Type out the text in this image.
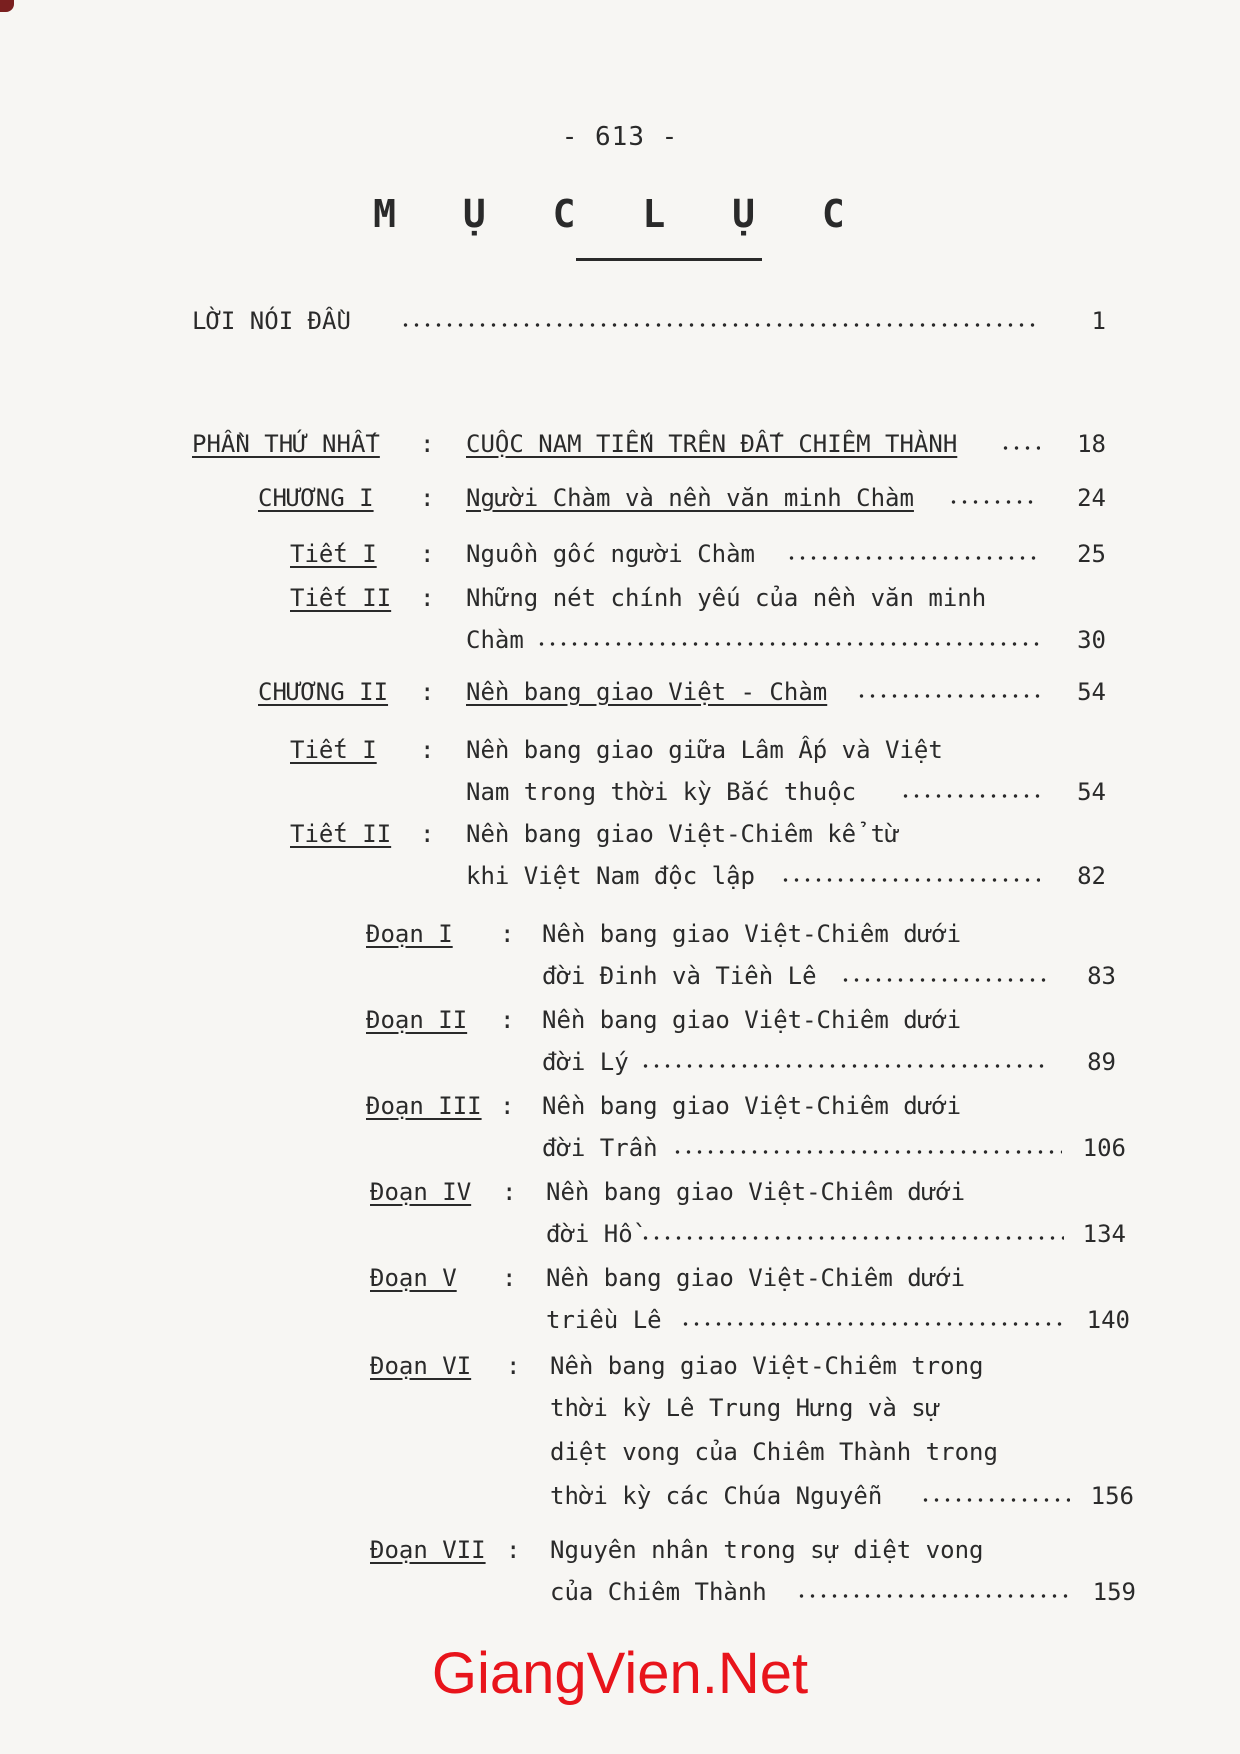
- 613 -
M Ụ C L Ụ C
LỜI NÓI ĐẦU	1
PHẦN THỨ NHẤT : CUỘC NAM TIẾN TRÊN ĐẤT CHIÊM THÀNH	18
CHƯƠNG I : Người Chàm và nền văn minh Chàm	24
Tiết I : Nguồn gốc người Chàm	25
Tiết II : Những nét chính yếu của nền văn minh
Chàm	30
CHƯƠNG II : Nền bang giao Việt - Chàm	54
Tiết I : Nền bang giao giữa Lâm Ấp và Việt
Nam trong thời kỳ Bắc thuộc	54
Tiết II : Nền bang giao Việt-Chiêm kể từ
khi Việt Nam độc lập	82
Đoạn I : Nền bang giao Việt-Chiêm dưới
đời Đinh và Tiền Lê	83
Đoạn II : Nền bang giao Việt-Chiêm dưới
đời Lý	89
Đoạn III : Nền bang giao Việt-Chiêm dưới
đời Trần	106
Đoạn IV : Nền bang giao Việt-Chiêm dưới
đời Hồ	134
Đoạn V : Nền bang giao Việt-Chiêm dưới
triều Lê	140
Đoạn VI : Nền bang giao Việt-Chiêm trong
thời kỳ Lê Trung Hưng và sự
diệt vong của Chiêm Thành trong
thời kỳ các Chúa Nguyễn	156
Đoạn VII : Nguyên nhân trong sự diệt vong
của Chiêm Thành	159
GiangVien.Net
